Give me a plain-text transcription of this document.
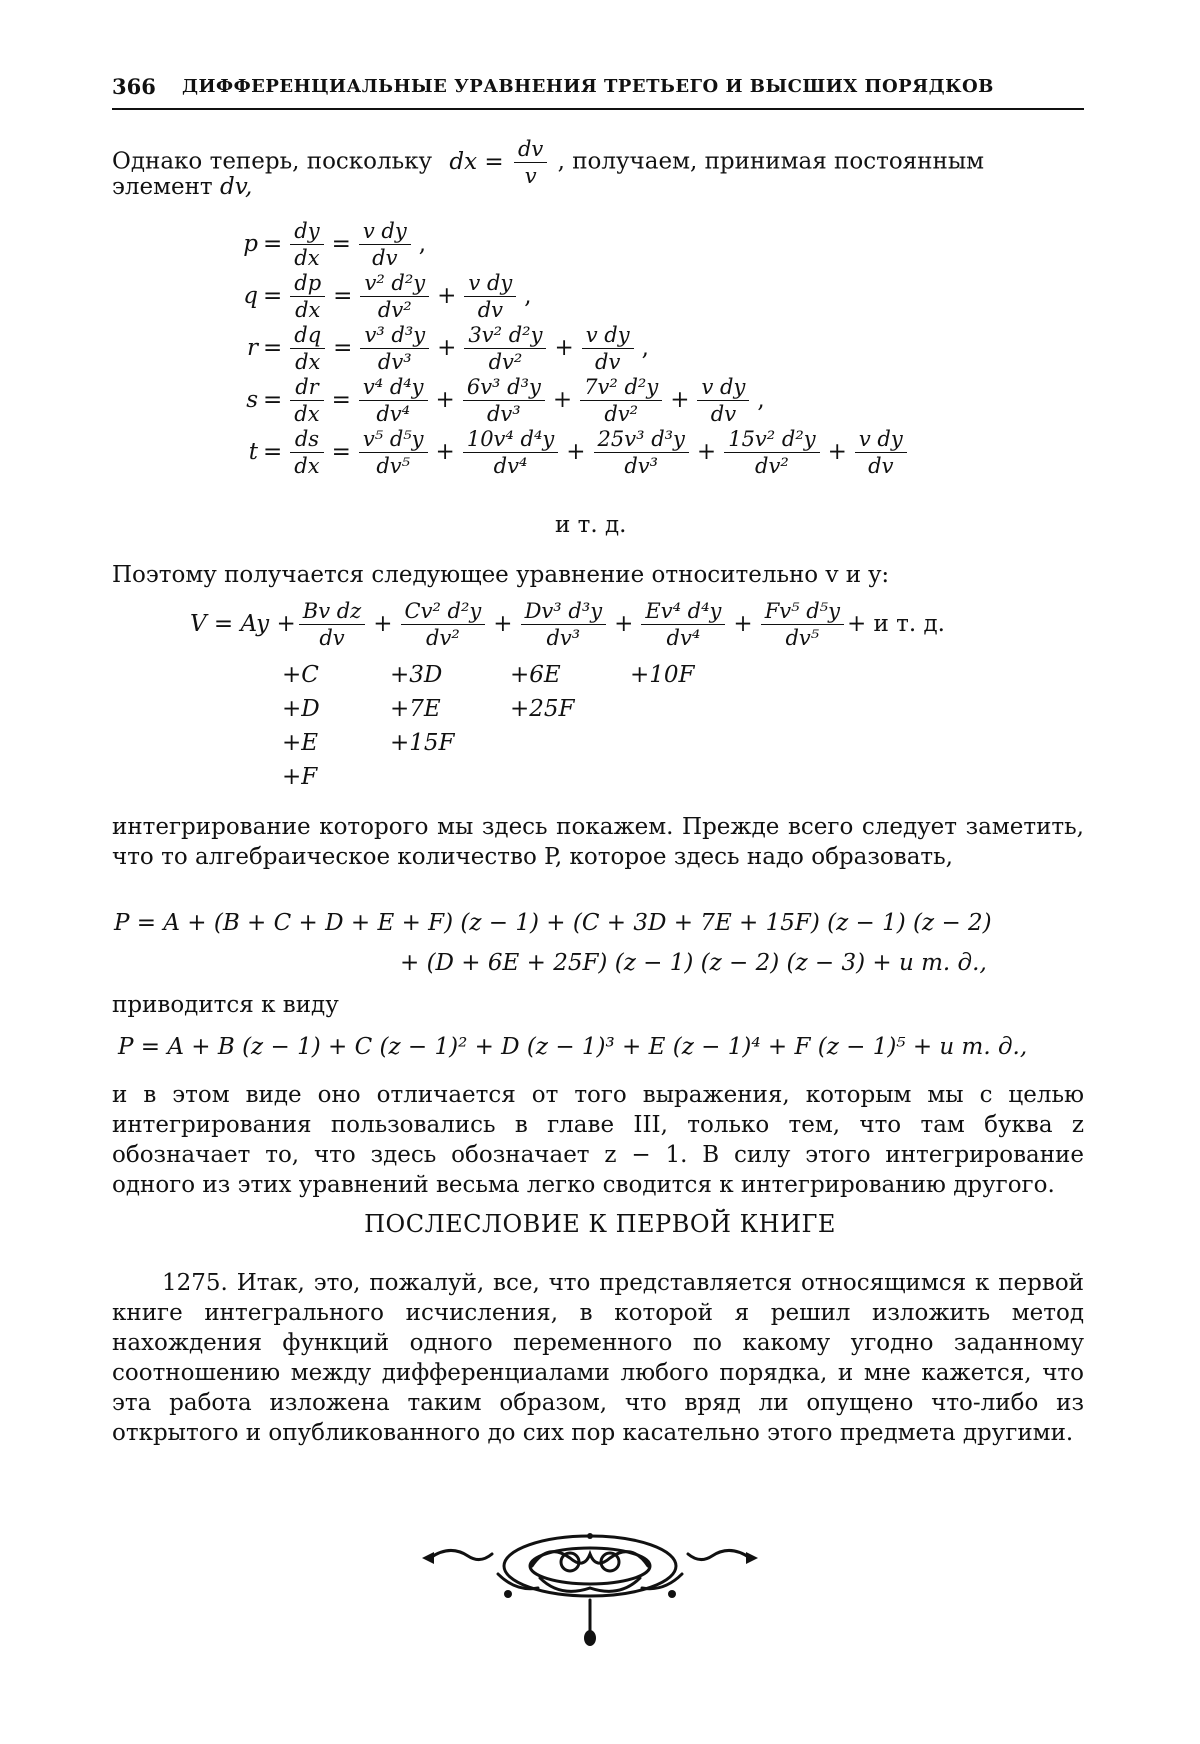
366 ДИФФЕРЕНЦИАЛЬНЫЕ УРАВНЕНИЯ ТРЕТЬЕГО И ВЫСШИХ ПОРЯДКОВ
Однако теперь, поскольку dx = $\frac{dv}{v}$ , получаем, принимая постоянным
элемент dv,
$p = \frac{dy}{dx} = \frac{\text{v dy}}{dv}$ ,
$q = \frac{dp}{dx} = \frac{\text{v² d²y}}{\text{dv²}} + \frac{\text{v dy}}{dv}$ ,
$r = \frac{dq}{dx} = \frac{\text{v³ d³y}}{\text{dv³}} + \frac{\text{3v² d²y}}{\text{dv²}} + \frac{\text{v dy}}{dv}$ ,
$s = \frac{dr}{dx} = \frac{\text{v⁴ d⁴y}}{\text{dv⁴}} + \frac{\text{6v³ d³y}}{\text{dv³}} + \frac{\text{7v² d²y}}{\text{dv²}} + \frac{\text{v dy}}{dv}$ ,
$t = \frac{ds}{dx} = \frac{\text{v⁵ d⁵y}}{\text{dv⁵}} + \frac{\text{10v⁴ d⁴y}}{\text{dv⁴}} + \frac{\text{25v³ d³y}}{\text{dv³}} + \frac{\text{15v² d²y}}{\text{dv²}} + \frac{\text{v dy}}{dv}$
и т. д.
Поэтому получается следующее уравнение относительно v и y:
$V = Ay + \frac{\text{Bv dz}}{dv} + \frac{\text{Cv² d²y}}{\text{dv²}} + \frac{\text{Dv³ d³y}}{\text{dv³}} + \frac{\text{Ev⁴ d⁴y}}{\text{dv⁴}} + \frac{\text{Fv⁵ d⁵y}}{\text{dv⁵}} + и$ т. д.
+C
+D
+E
+F
+3D
+7E
+15F
+6E
+25F
+10F
интегрирование которого мы здесь покажем. Прежде всего следует заметить, что то алгебраическое количество P, которое здесь надо образовать,
P = A + (B + C + D + E + F) (z − 1) + (C + 3D + 7E + 15F) (z − 1) (z − 2)
+ (D + 6E + 25F) (z − 1) (z − 2) (z − 3) + и т. д.,
приводится к виду
P = A + B (z − 1) + C (z − 1)² + D (z − 1)³ + E (z − 1)⁴ + F (z − 1)⁵ + и т. д.,
и в этом виде оно отличается от того выражения, которым мы с целью интегрирования пользовались в главе III, только тем, что там буква z обозначает то, что здесь обозначает z − 1. В силу этого интегрирование одного из этих уравнений весьма легко сводится к интегрированию другого.
ПОСЛЕСЛОВИЕ К ПЕРВОЙ КНИГЕ
1275. Итак, это, пожалуй, все, что представляется относящимся к первой книге интегрального исчисления, в которой я решил изложить метод нахождения функций одного переменного по какому угодно заданному соотношению между дифференциалами любого порядка, и мне кажется, что эта работа изложена таким образом, что вряд ли опущено что-либо из открытого и опубликованного до сих пор касательно этого предмета другими.
